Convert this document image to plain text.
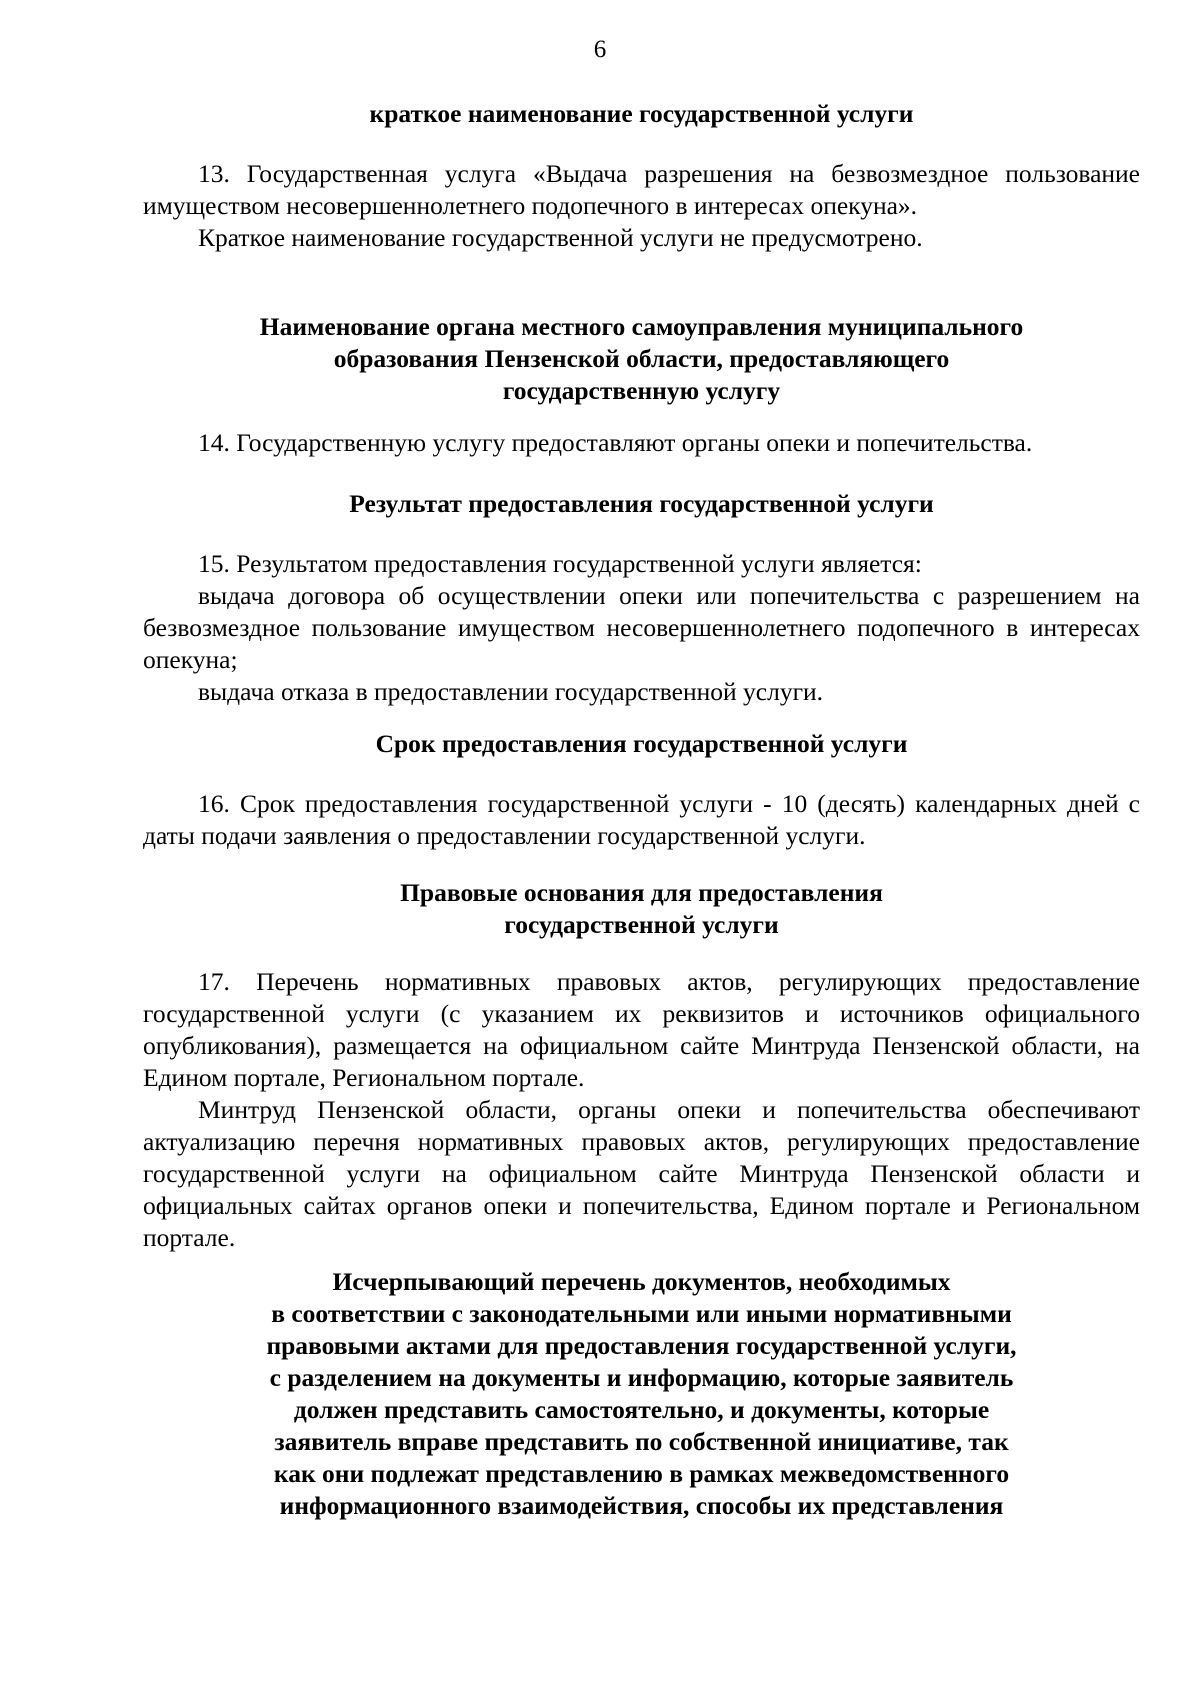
6

краткое наименование государственной услуги

13. Государственная услуга «Выдача разрешения на безвозмездное пользование имуществом несовершеннолетнего подопечного в интересах опекуна».

Краткое наименование государственной услуги не предусмотрено.

Наименование органа местного самоуправления муниципального

образования Пензенской области, предоставляющего

государственную услугу

14. Государственную услугу предоставляют органы опеки и попечительства.

Результат предоставления государственной услуги

15. Результатом предоставления государственной услуги является:

выдача договора об осуществлении опеки или попечительства с разрешением на безвозмездное пользование имуществом несовершеннолетнего подопечного в интересах опекуна;

выдача отказа в предоставлении государственной услуги.

Срок предоставления государственной услуги

16. Срок предоставления государственной услуги - 10 (десять) календарных дней с даты подачи заявления о предоставлении государственной услуги.

Правовые основания для предоставления

государственной услуги

17. Перечень нормативных правовых актов, регулирующих предоставление государственной услуги (с указанием их реквизитов и источников официального опубликования), размещается на официальном сайте Минтруда Пензенской области, на Едином портале, Региональном портале.

Минтруд Пензенской области, органы опеки и попечительства обеспечивают актуализацию перечня нормативных правовых актов, регулирующих предоставление государственной услуги на официальном сайте Минтруда Пензенской области и официальных сайтах органов опеки и попечительства, Едином портале и Региональном портале.

Исчерпывающий перечень документов, необходимых

в соответствии с законодательными или иными нормативными

правовыми актами для предоставления государственной услуги,

с разделением на документы и информацию, которые заявитель

должен представить самостоятельно, и документы, которые

заявитель вправе представить по собственной инициативе, так

как они подлежат представлению в рамках межведомственного

информационного взаимодействия, способы их представления
